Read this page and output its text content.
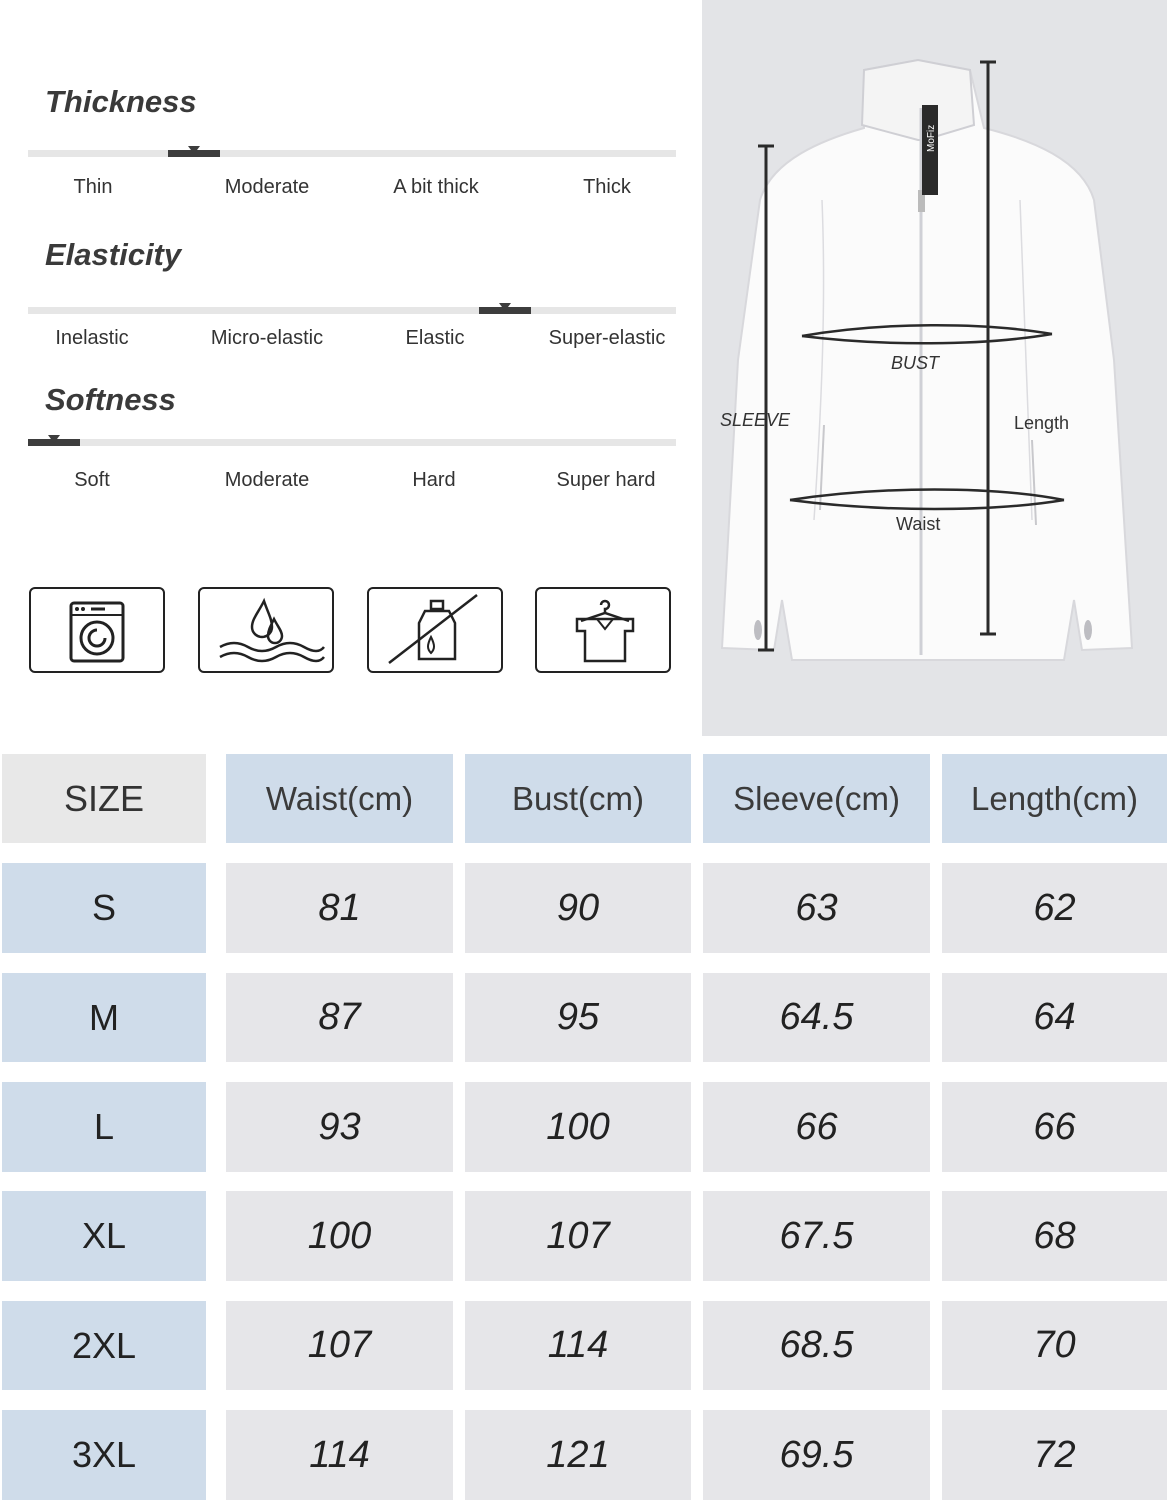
Thickness
Thin	Moderate	A bit thick	Thick
Elasticity
Inelastic	Micro-elastic	Elastic	Super-elastic
Softness
Soft	Moderate	Hard	Super hard
MoFiz
BUST
SLEEVE	Length
Waist
SIZE	Waist(cm)	Bust(cm)	Sleeve(cm)	Length(cm)
S	81	90	63	62
M	87	95	64.5	64
L	93	100	66	66
XL	100	107	67.5	68
2XL	107	114	68.5	70
3XL	114	121	69.5	72
